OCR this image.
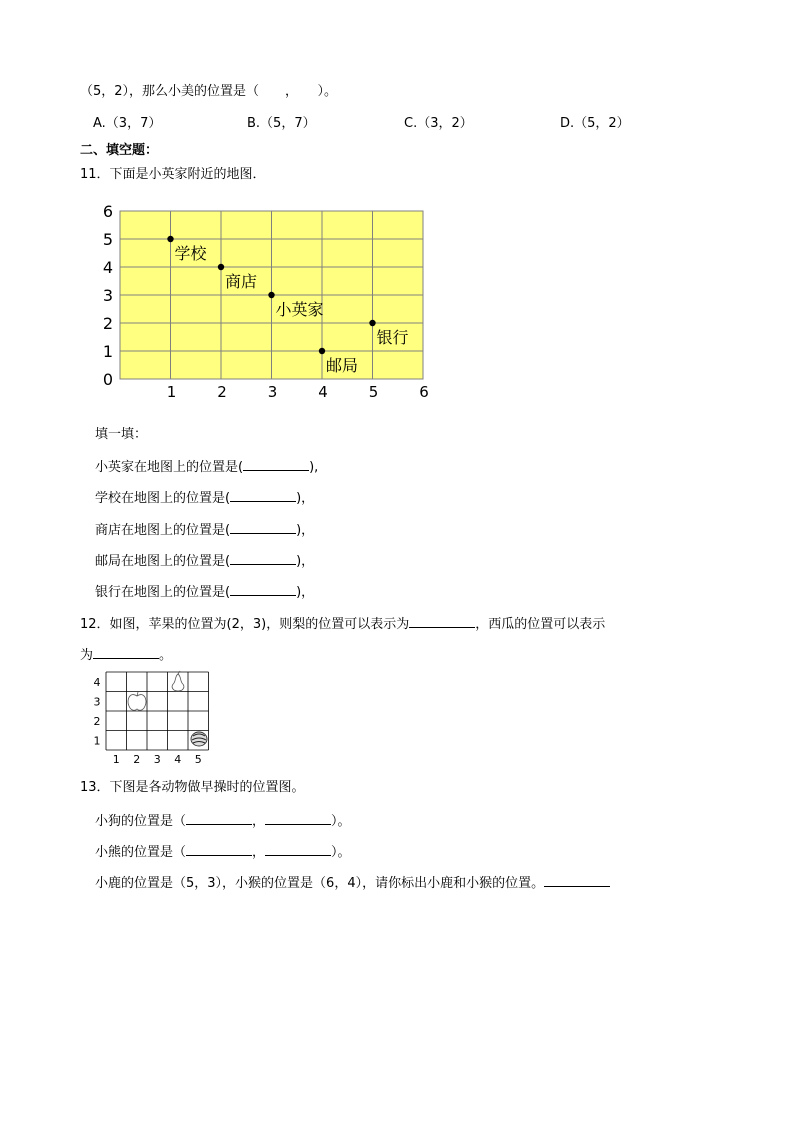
（5，2），那么小美的位置是（　　，　　）。
A.（3，7）	B.（5，7）	C.（3，2）	D.（5，2）
二、填空题：
11．下面是小英家附近的地图．
0
1
2
3
4
5
6
1	2	3	4	5	6
学校
商店
小英家
邮局
银行
填一填：
小英家在地图上的位置是(	),
学校在地图上的位置是(	)，
商店在地图上的位置是(	)，
邮局在地图上的位置是(	)，
银行在地图上的位置是(	)，
12．如图，苹果的位置为(2，3)，则梨的位置可以表示为	，西瓜的位置可以表示
为	。
1
2
3
4
1 2 3 4 5
13．下图是各动物做早操时的位置图。
小狗的位置是（	，	）。
小熊的位置是（	，	）。
小鹿的位置是（5，3），小猴的位置是（6，4），请你标出小鹿和小猴的位置。
